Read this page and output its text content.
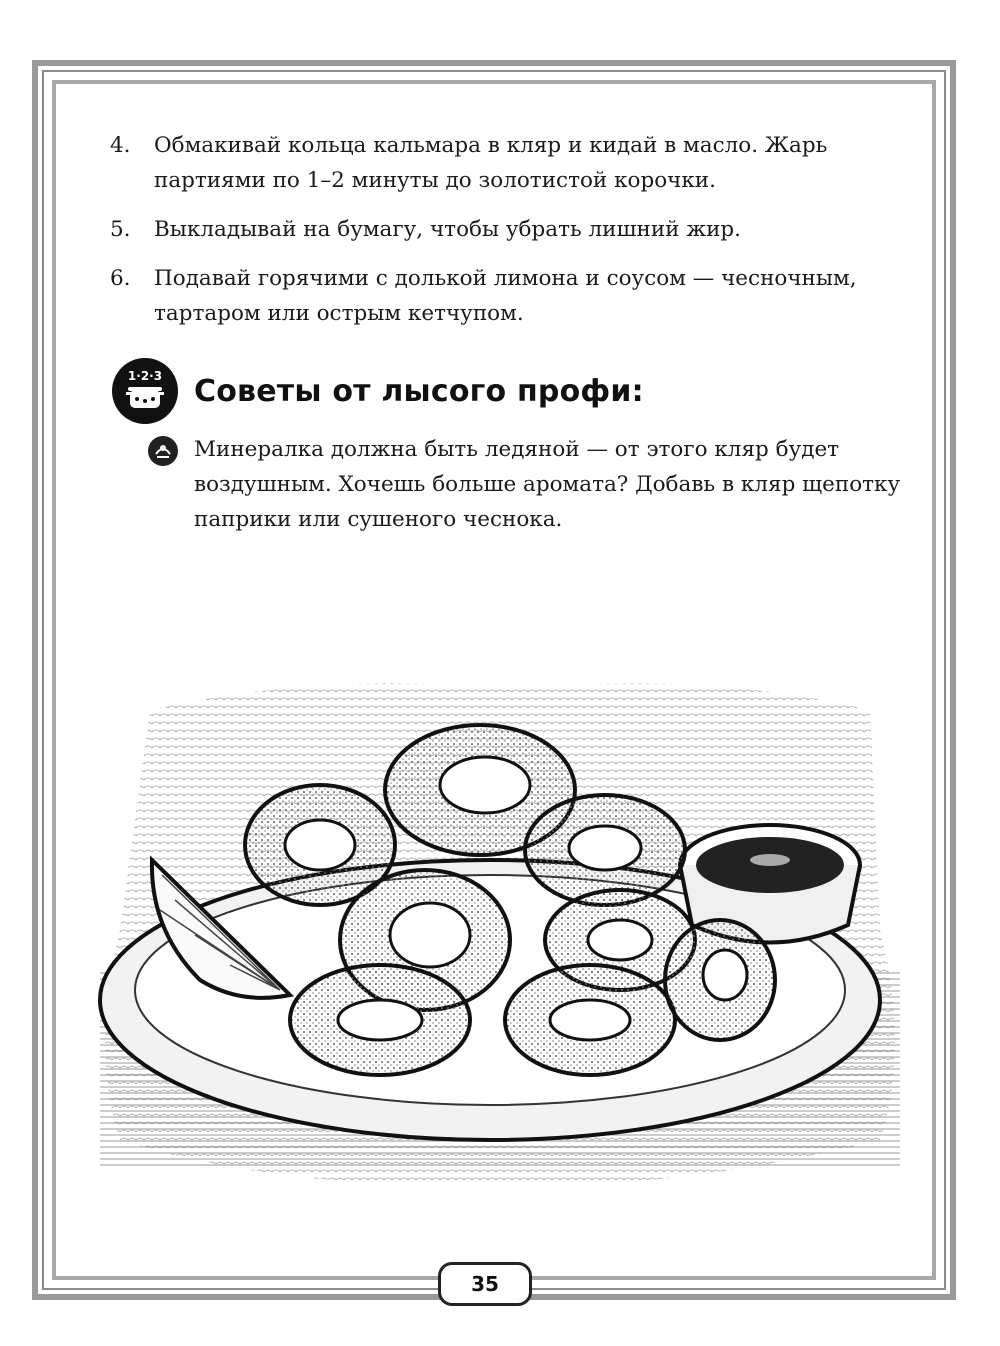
4.	Обмакивай кольца кальмара в кляр и кидай в масло. Жарь партиями по 1–2 минуты до золотистой корочки.
5.	Выкладывай на бумагу, чтобы убрать лишний жир.
6.	Подавай горячими с долькой лимона и соусом — чесночным, тартаром или острым кетчупом.
1·2·3 Советы от лысого профи:
Минералка должна быть ледяной — от этого кляр будет воздушным. Хочешь больше аромата? Добавь в кляр щепотку паприки или сушеного чеснока.
35
